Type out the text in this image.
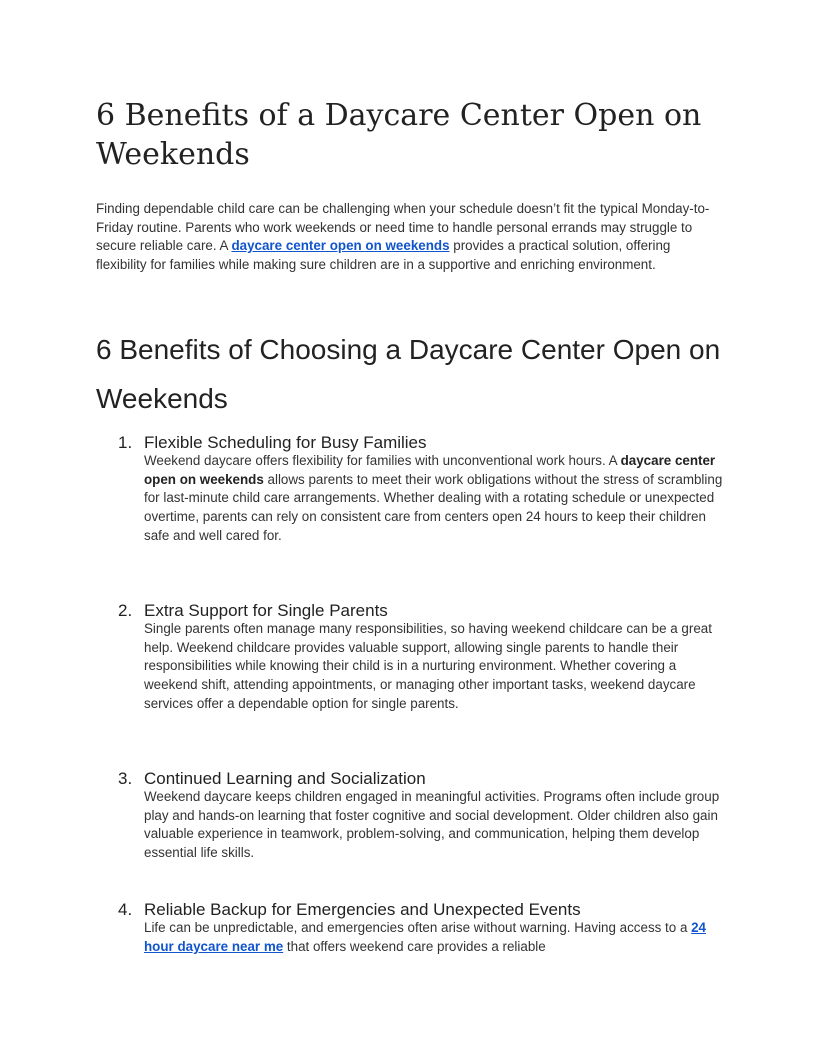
6 Benefits of a Daycare Center Open on Weekends

Finding dependable child care can be challenging when your schedule doesn’t fit the typical Monday-to-Friday routine. Parents who work weekends or need time to handle personal errands may struggle to secure reliable care. A daycare center open on weekends provides a practical solution, offering flexibility for families while making sure children are in a supportive and enriching environment.

6 Benefits of Choosing a Daycare Center Open on Weekends
1. Flexible Scheduling for Busy Families

Weekend daycare offers flexibility for families with unconventional work hours. A daycare center open on weekends allows parents to meet their work obligations without the stress of scrambling for last-minute child care arrangements. Whether dealing with a rotating schedule or unexpected overtime, parents can rely on consistent care from centers open 24 hours to keep their children safe and well cared for.

2. Extra Support for Single Parents

Single parents often manage many responsibilities, so having weekend childcare can be a great help. Weekend childcare provides valuable support, allowing single parents to handle their responsibilities while knowing their child is in a nurturing environment. Whether covering a weekend shift, attending appointments, or managing other important tasks, weekend daycare services offer a dependable option for single parents.

3. Continued Learning and Socialization

Weekend daycare keeps children engaged in meaningful activities. Programs often include group play and hands-on learning that foster cognitive and social development. Older children also gain valuable experience in teamwork, problem-solving, and communication, helping them develop essential life skills.

4. Reliable Backup for Emergencies and Unexpected Events

Life can be unpredictable, and emergencies often arise without warning. Having access to a 24 hour daycare near me that offers weekend care provides a reliable
